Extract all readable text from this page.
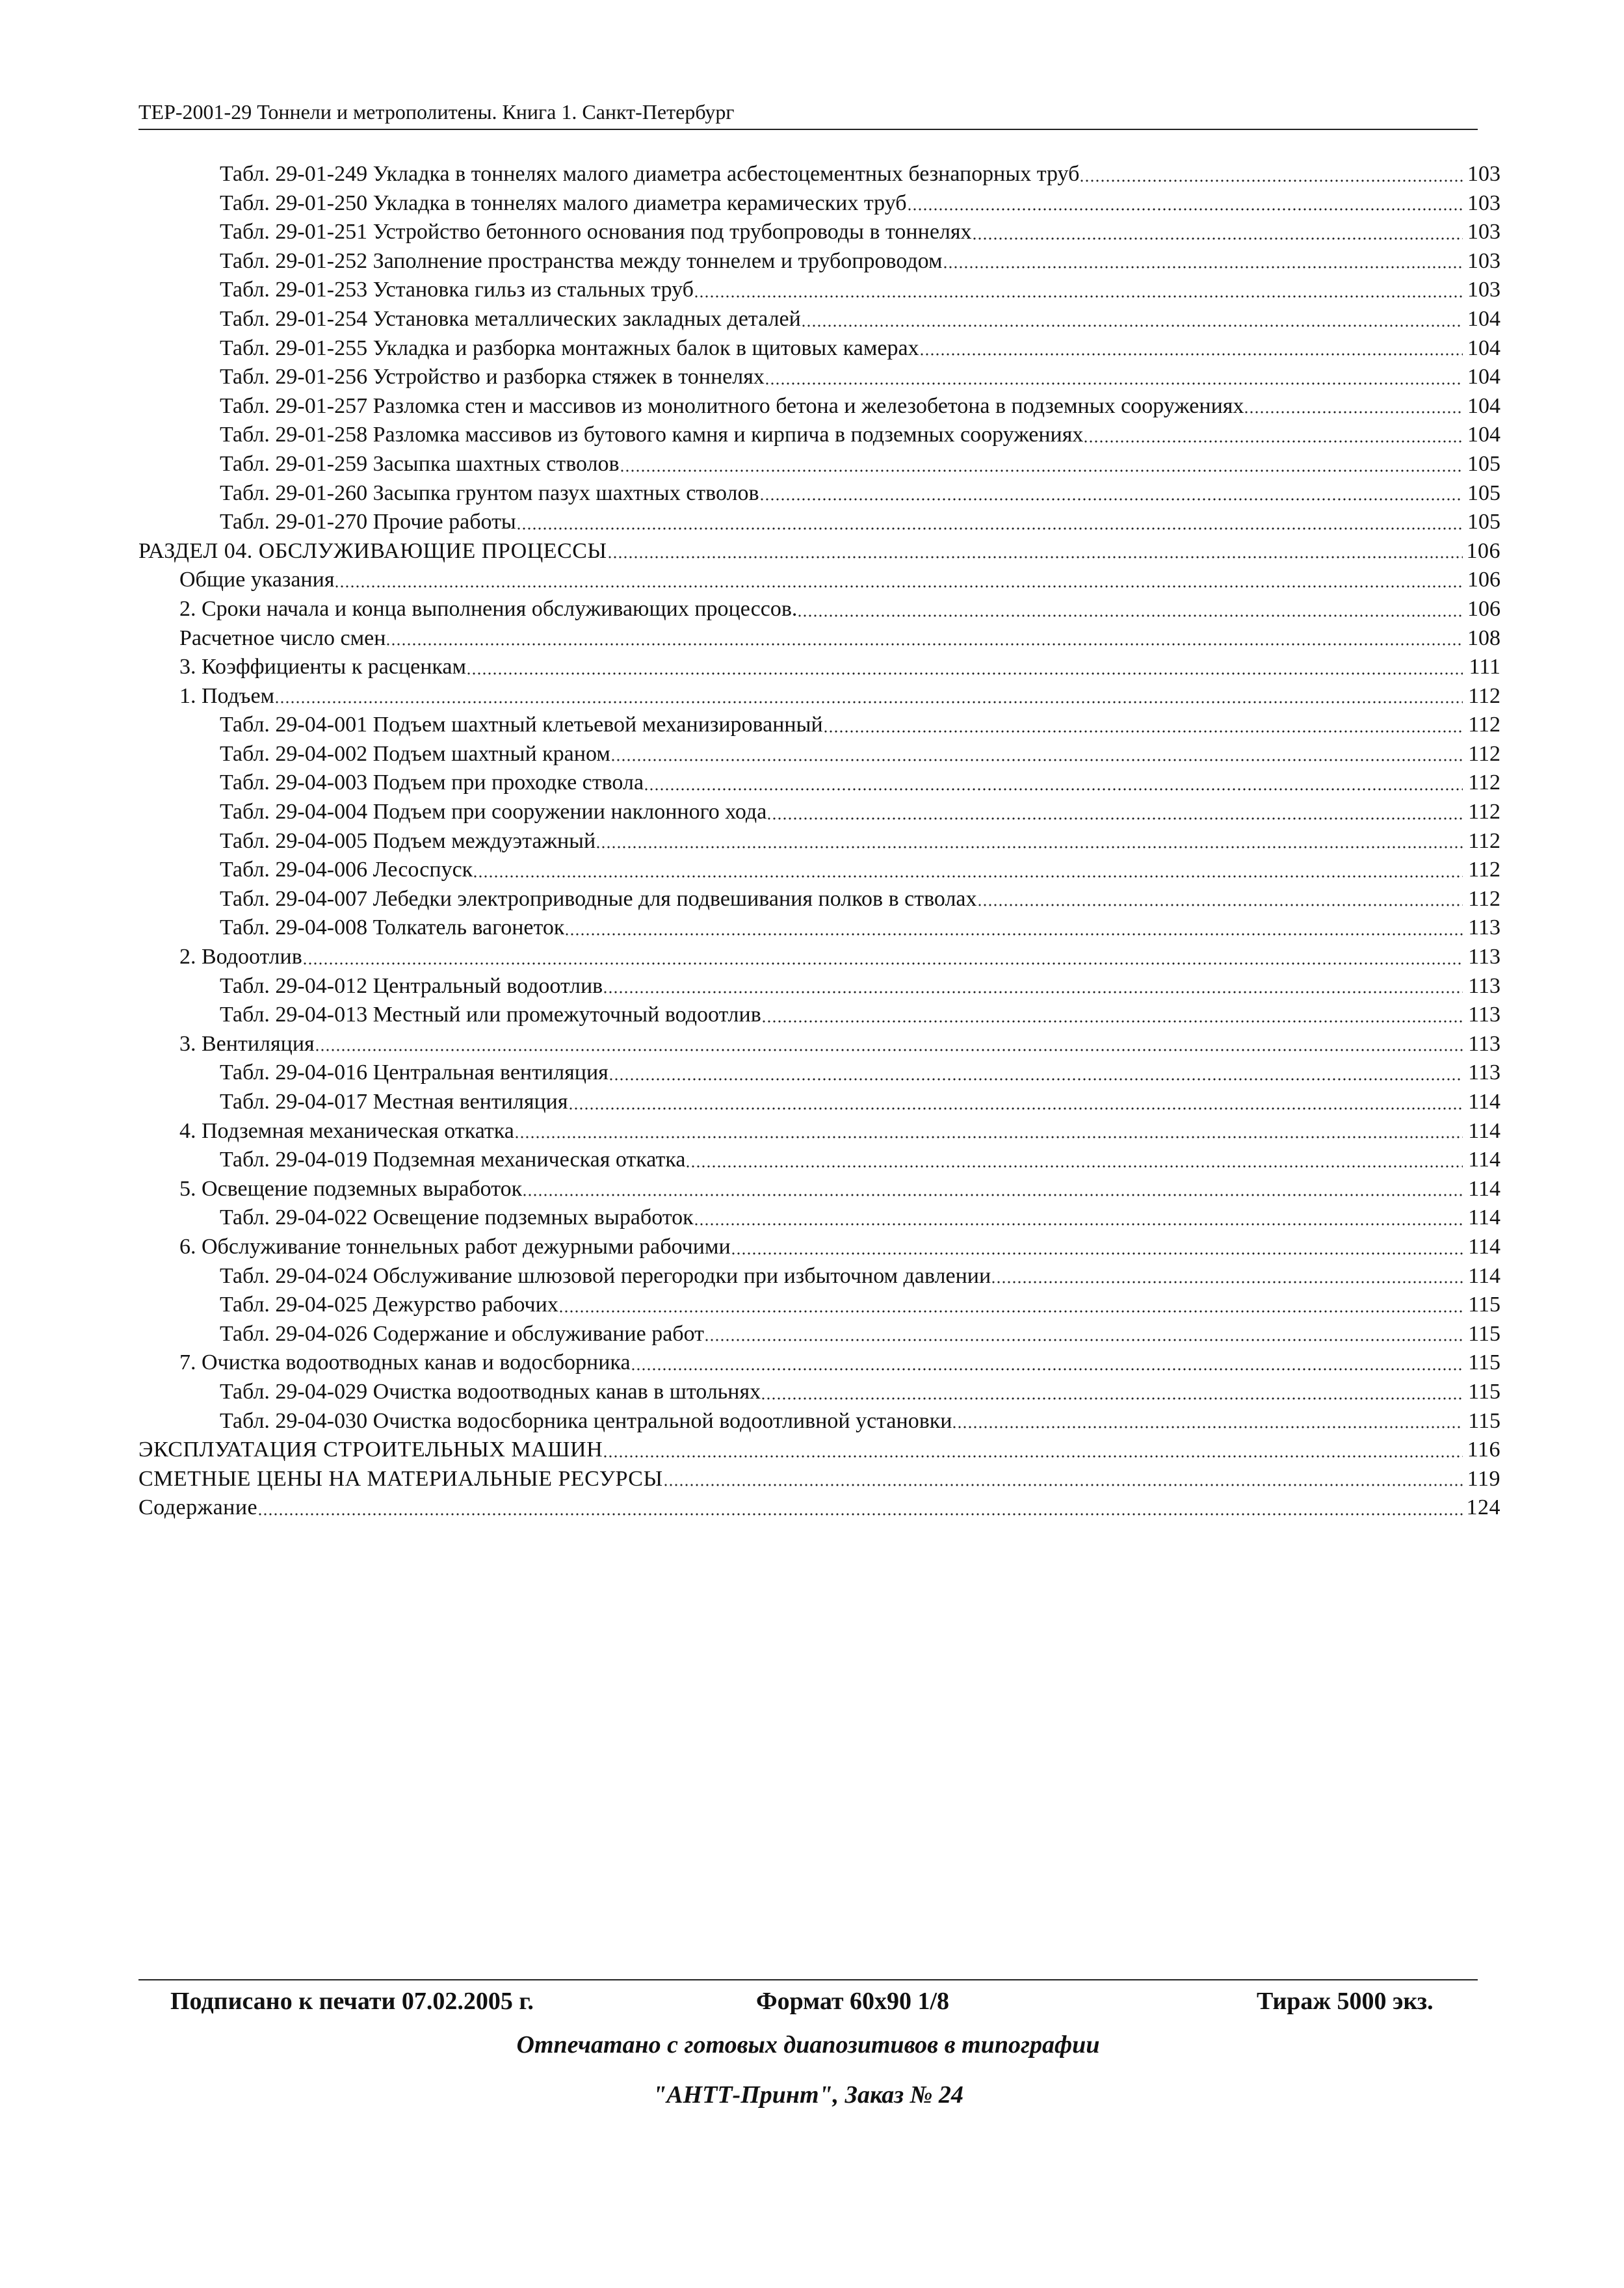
ТЕР-2001-29 Тоннели и метрополитены. Книга 1. Санкт-Петербург
Табл. 29-01-249 Укладка в тоннелях малого диаметра асбестоцементных безнапорных труб	103
Табл. 29-01-250 Укладка в тоннелях малого диаметра керамических труб	103
Табл. 29-01-251 Устройство бетонного основания под трубопроводы в тоннелях	103
Табл. 29-01-252 Заполнение пространства между тоннелем и трубопроводом	103
Табл. 29-01-253 Установка гильз из стальных труб	103
Табл. 29-01-254 Установка металлических закладных деталей	104
Табл. 29-01-255 Укладка и разборка монтажных балок в щитовых камерах	104
Табл. 29-01-256 Устройство и разборка стяжек в тоннелях	104
Табл. 29-01-257 Разломка стен и массивов из монолитного бетона и железобетона в подземных сооружениях	104
Табл. 29-01-258 Разломка массивов из бутового камня и кирпича в подземных сооружениях	104
Табл. 29-01-259 Засыпка шахтных стволов	105
Табл. 29-01-260 Засыпка грунтом пазух шахтных стволов	105
Табл. 29-01-270 Прочие работы	105
РАЗДЕЛ 04. ОБСЛУЖИВАЮЩИЕ ПРОЦЕССЫ	106
Общие указания	106
2. Сроки начала и конца выполнения обслуживающих процессов.	106
Расчетное число смен	108
3. Коэффициенты к расценкам	111
1. Подъем	112
Табл. 29-04-001 Подъем шахтный клетьевой механизированный	112
Табл. 29-04-002 Подъем шахтный краном	112
Табл. 29-04-003 Подъем при проходке ствола	112
Табл. 29-04-004 Подъем при сооружении наклонного хода	112
Табл. 29-04-005 Подъем междуэтажный	112
Табл. 29-04-006 Лесоспуск	112
Табл. 29-04-007 Лебедки электроприводные для подвешивания полков в стволах	112
Табл. 29-04-008 Толкатель вагонеток	113
2. Водоотлив	113
Табл. 29-04-012 Центральный водоотлив	113
Табл. 29-04-013 Местный или промежуточный водоотлив	113
3. Вентиляция	113
Табл. 29-04-016 Центральная вентиляция	113
Табл. 29-04-017 Местная вентиляция	114
4. Подземная механическая откатка	114
Табл. 29-04-019 Подземная механическая откатка	114
5. Освещение подземных выработок	114
Табл. 29-04-022 Освещение подземных выработок	114
6. Обслуживание тоннельных работ дежурными рабочими	114
Табл. 29-04-024 Обслуживание шлюзовой перегородки при избыточном давлении	114
Табл. 29-04-025 Дежурство рабочих	115
Табл. 29-04-026 Содержание и обслуживание работ	115
7. Очистка водоотводных канав и водосборника	115
Табл. 29-04-029 Очистка водоотводных канав в штольнях	115
Табл. 29-04-030 Очистка водосборника центральной водоотливной установки	115
ЭКСПЛУАТАЦИЯ СТРОИТЕЛЬНЫХ МАШИН	116
СМЕТНЫЕ ЦЕНЫ НА МАТЕРИАЛЬНЫЕ РЕСУРСЫ	119
Содержание	124
Подписано к печати 07.02.2005 г.	Формат 60х90 1/8	Тираж 5000 экз.
Отпечатано с готовых диапозитивов в типографии
"АНТТ-Принт", Заказ № 24
